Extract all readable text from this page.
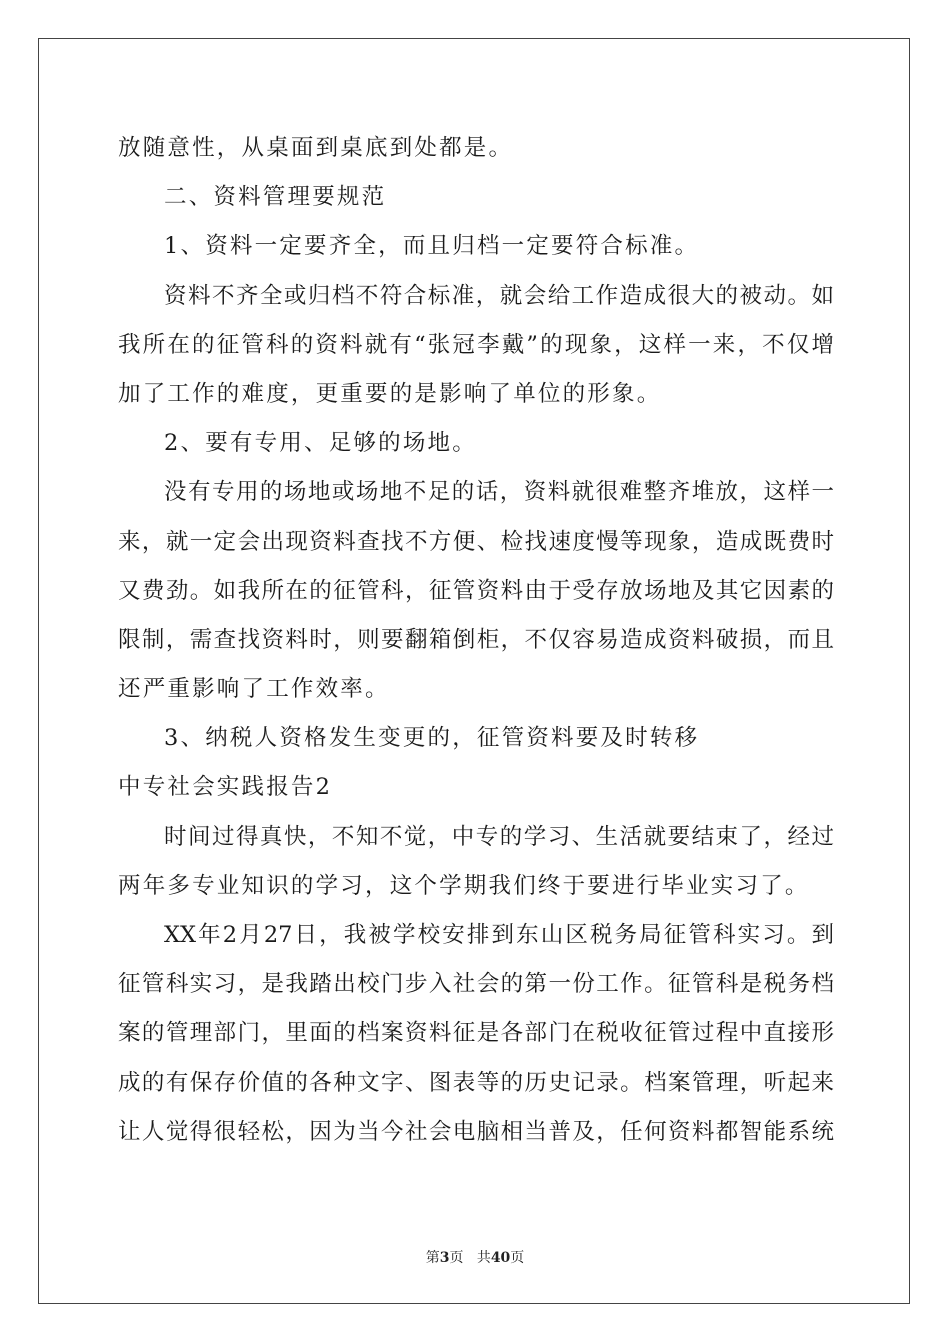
放随意性，从桌面到桌底到处都是。
二、资料管理要规范
1、资料一定要齐全，而且归档一定要符合标准。
资料不齐全或归档不符合标准，就会给工作造成很大的被动。如
我所在的征管科的资料就有“张冠李戴”的现象，这样一来，不仅增
加了工作的难度，更重要的是影响了单位的形象。
2、要有专用、足够的场地。
没有专用的场地或场地不足的话，资料就很难整齐堆放，这样一
来，就一定会出现资料查找不方便、检找速度慢等现象，造成既费时
又费劲。如我所在的征管科，征管资料由于受存放场地及其它因素的
限制，需查找资料时，则要翻箱倒柜，不仅容易造成资料破损，而且
还严重影响了工作效率。
3、纳税人资格发生变更的，征管资料要及时转移
中专社会实践报告2
时间过得真快，不知不觉，中专的学习、生活就要结束了，经过
两年多专业知识的学习，这个学期我们终于要进行毕业实习了。
XX年2月27日，我被学校安排到东山区税务局征管科实习。到
征管科实习，是我踏出校门步入社会的第一份工作。征管科是税务档
案的管理部门，里面的档案资料征是各部门在税收征管过程中直接形
成的有保存价值的各种文字、图表等的历史记录。档案管理，听起来
让人觉得很轻松，因为当今社会电脑相当普及，任何资料都智能系统
第3页 共40页
